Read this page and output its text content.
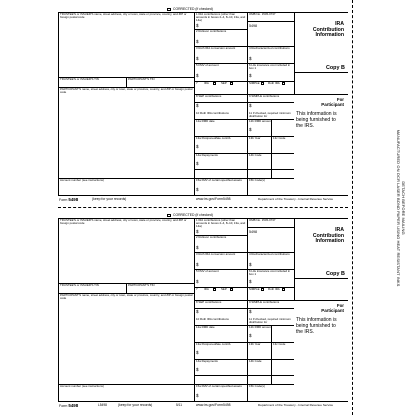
DETACH BEFORE MAILING
MANUFACTURED ON OCR LASER BOND PAPER USING HEAT RESISTANT INKS
CORRECTED (if checked)
TRUSTEE'S or ISSUER'S name, street address, city or town, state or province, country, and ZIP or foreign postal code
TRUSTEE'S or ISSUER'S TIN	PARTICIPANT'S TIN
PARTICIPANT'S name, street address, city or town, state or province, country, and ZIP or foreign postal code
Account number (see instructions)
1 IRA contributions (other than amounts in boxes 2–4, 8–10, 13a, and 14a)
$
OMB No. 1545-0747
5498
2 Rollover contributions
$
3 Roth IRA conversion amount
$
4 Recharacterized contributions
$
5 FMV of account
$
6 Life insurance cost included in box 1
$
7 IRA	SEP	SIMPLE	Roth IRA
8 SEP contributions	9 SIMPLE contributions
$	$
10 Roth IRA contributions	11 If checked, required minimum distribution for
12a RMD date	12b RMD amount
$
13a Postponed/late contrib.
$
13b Year	13c Code
14a Repayments
$
14b Code
15a FMV of certain specified assets
$
15b Code(s)
IRA
Contribution
Information
Copy B
For
Participant
This information is
being furnished to
the IRS.
Form 5498	(keep for your records)	www.irs.gov/Form5498	Department of the Treasury - Internal Revenue Service
CORRECTED (if checked)
TRUSTEE'S or ISSUER'S name, street address, city or town, state or province, country, and ZIP or foreign postal code
TRUSTEE'S or ISSUER'S TIN	PARTICIPANT'S TIN
PARTICIPANT'S name, street address, city or town, state or province, country, and ZIP or foreign postal code
Account number (see instructions)
1 IRA contributions (other than amounts in boxes 2–4, 8–10, 13a, and 14a)
$
OMB No. 1545-0747
5498
2 Rollover contributions
$
3 Roth IRA conversion amount
$
4 Recharacterized contributions
$
5 FMV of account
$
6 Life insurance cost included in box 1
$
7 IRA	SEP	SIMPLE	Roth IRA
8 SEP contributions	9 SIMPLE contributions
$	$
10 Roth IRA contributions	11 If checked, required minimum distribution for
12a RMD date	12b RMD amount
$
13a Postponed/late contrib.
$
13b Year	13c Code
14a Repayments
$
14b Code
15a FMV of certain specified assets
$
15b Code(s)
IRA
Contribution
Information
Copy B
For
Participant
This information is
being furnished to
the IRS.
Form 5498	(keep for your records)	www.irs.gov/Form5498	Department of the Treasury - Internal Revenue Service
L5498	5/11
